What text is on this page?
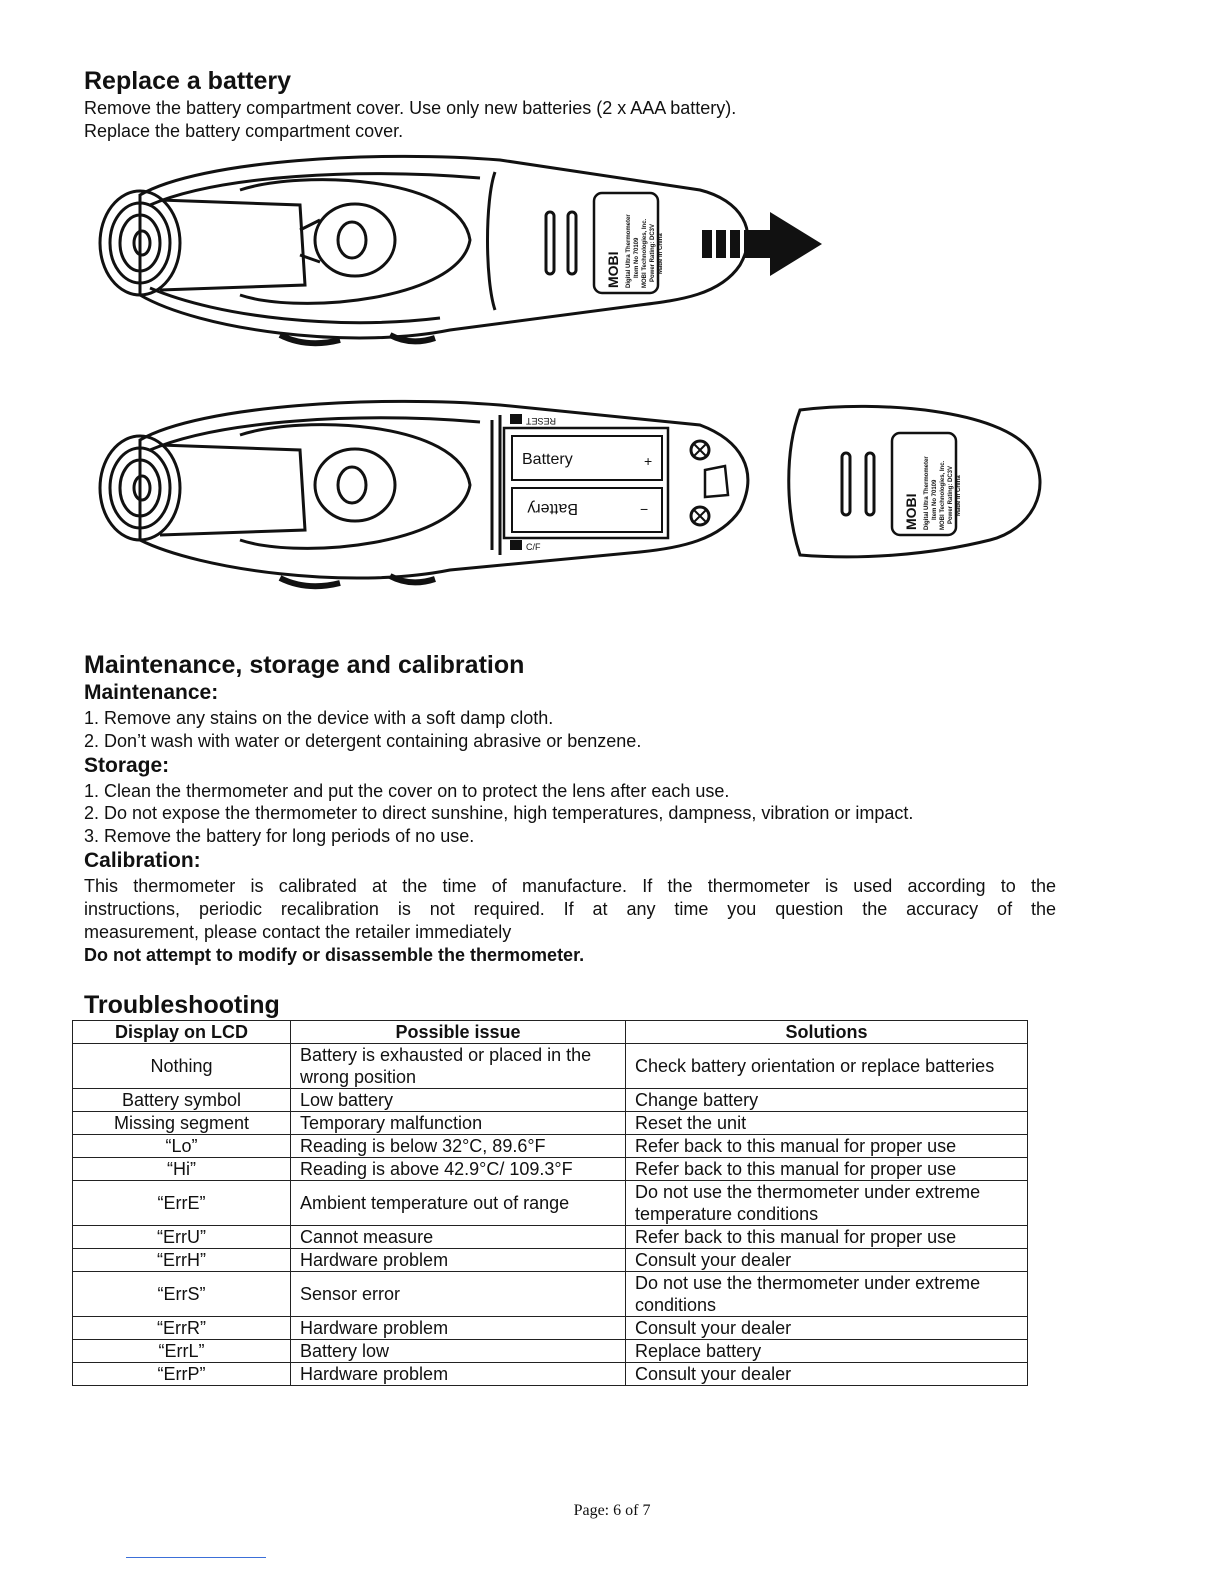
Replace a battery
Remove the battery compartment cover. Use only new batteries (2 x AAA battery).
Replace the battery compartment cover.
MOBI Digital Ultra Thermometer Item No 70109 MOBI Technologies, Inc. Power Rating: DC3V Made in China
Battery	+
−
Battery
RESET
C/F
MOBI Digital Ultra Thermometer Item No 70109 MOBI Technologies, Inc. Power Rating: DC3V Made in China
Maintenance, storage and calibration
Maintenance:
1. Remove any stains on the device with a soft damp cloth.
2. Don’t wash with water or detergent containing abrasive or benzene.
Storage:
1. Clean the thermometer and put the cover on to protect the lens after each use.
2. Do not expose the thermometer to direct sunshine, high temperatures, dampness, vibration or impact.
3. Remove the battery for long periods of no use.
Calibration:
This thermometer is calibrated at the time of manufacture. If the thermometer is used according to the
instructions, periodic recalibration is not required. If at any time you question the accuracy of the
measurement, please contact the retailer immediately
Do not attempt to modify or disassemble the thermometer.
Troubleshooting
Display on LCD	Possible issue	Solutions
Nothing	Battery is exhausted or placed in the wrong position	Check battery orientation or replace batteries
Battery symbol	Low battery	Change battery
Missing segment	Temporary malfunction	Reset the unit
“Lo”	Reading is below 32°C, 89.6°F	Refer back to this manual for proper use
“Hi”	Reading is above 42.9°C/ 109.3°F	Refer back to this manual for proper use
“ErrE”	Ambient temperature out of range	Do not use the thermometer under extreme temperature conditions
“ErrU”	Cannot measure	Refer back to this manual for proper use
“ErrH”	Hardware problem	Consult your dealer
“ErrS”	Sensor error	Do not use the thermometer under extreme conditions
“ErrR”	Hardware problem	Consult your dealer
“ErrL”	Battery low	Replace battery
“ErrP”	Hardware problem	Consult your dealer
Page: 6 of 7
